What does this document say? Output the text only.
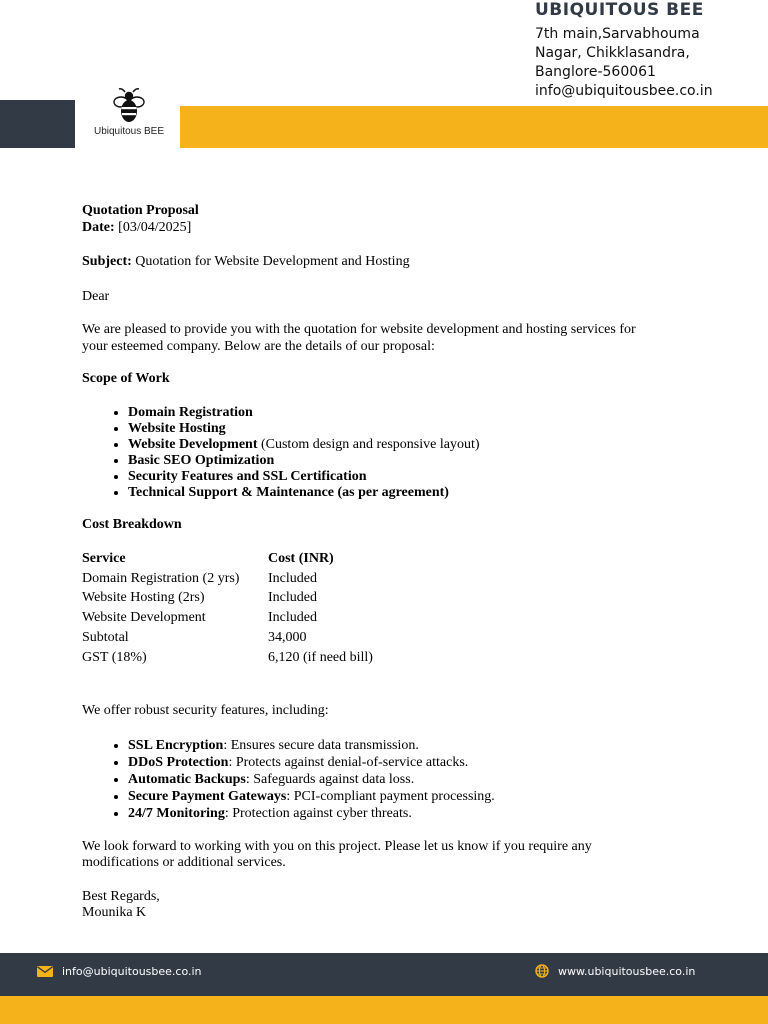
UBIQUITOUS BEE
7th main,Sarvabhouma
Nagar, Chikklasandra,
Banglore-560061
info@ubiquitousbee.co.in
Ubiquitous BEE

Quotation Proposal

Date: [03/04/2025]

Subject: Quotation for Website Development and Hosting

Dear

We are pleased to provide you with the quotation for website development and hosting services for your esteemed company. Below are the details of our proposal:

Scope of Work

• Domain Registration
• Website Hosting
• Website Development (Custom design and responsive layout)
• Basic SEO Optimization
• Security Features and SSL Certification
• Technical Support & Maintenance (as per agreement)

Cost Breakdown

Service	Cost (INR)
Domain Registration (2 yrs)	Included
Website Hosting (2rs)	Included
Website Development	Included
Subtotal	34,000
GST (18%)	6,120 (if need bill)

We offer robust security features, including:

• SSL Encryption: Ensures secure data transmission.
• DDoS Protection: Protects against denial-of-service attacks.
• Automatic Backups: Safeguards against data loss.
• Secure Payment Gateways: PCI-compliant payment processing.
• 24/7 Monitoring: Protection against cyber threats.

We look forward to working with you on this project. Please let us know if you require any modifications or additional services.

Best Regards,

Mounika K

info@ubiquitousbee.co.in	www.ubiquitousbee.co.in
